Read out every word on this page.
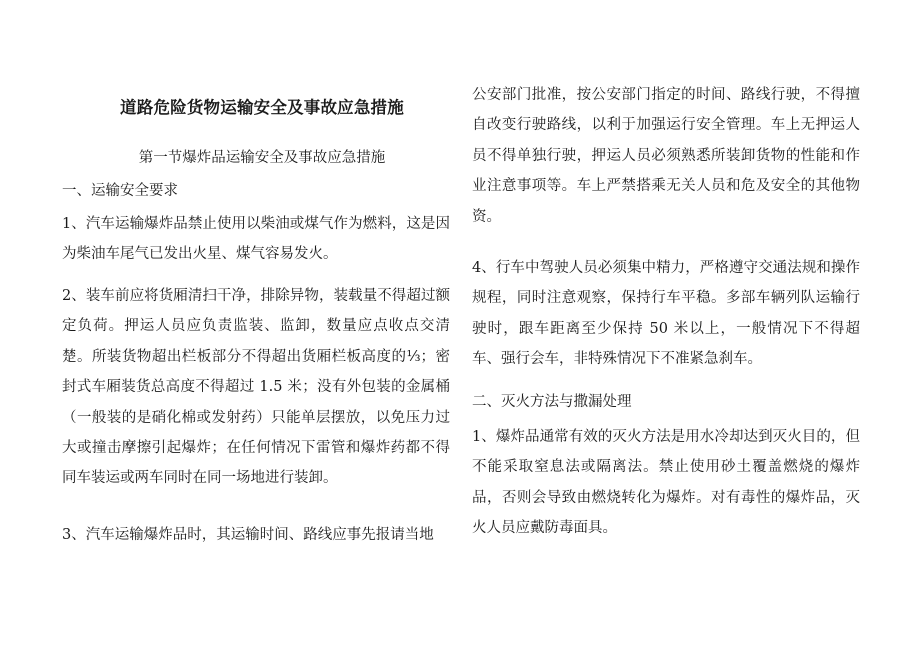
道路危险货物运输安全及事故应急措施
第一节爆炸品运输安全及事故应急措施
一、运输安全要求
1、汽车运输爆炸品禁止使用以柴油或煤气作为燃料，这是因为柴油车尾气已发出火星、煤气容易发火。
2、装车前应将货厢清扫干净，排除异物，装载量不得超过额定负荷。押运人员应负责监装、监卸，数量应点收点交清楚。所装货物超出栏板部分不得超出货厢栏板高度的⅓；密封式车厢装货总高度不得超过 1.5 米；没有外包装的金属桶（一般装的是硝化棉或发射药）只能单层摆放，以免压力过大或撞击摩擦引起爆炸；在任何情况下雷管和爆炸药都不得同车装运或两车同时在同一场地进行装卸。
3、汽车运输爆炸品时，其运输时间、路线应事先报请当地
公安部门批准，按公安部门指定的时间、路线行驶，不得擅自改变行驶路线，以利于加强运行安全管理。车上无押运人员不得单独行驶，押运人员必须熟悉所装卸货物的性能和作业注意事项等。车上严禁搭乘无关人员和危及安全的其他物资。
4、行车中驾驶人员必须集中精力，严格遵守交通法规和操作规程，同时注意观察，保持行车平稳。多部车辆列队运输行驶时，跟车距离至少保持 50 米以上，一般情况下不得超车、强行会车，非特殊情况下不准紧急刹车。
二、灭火方法与撒漏处理
1、爆炸品通常有效的灭火方法是用水冷却达到灭火目的，但不能采取窒息法或隔离法。禁止使用砂土覆盖燃烧的爆炸品，否则会导致由燃烧转化为爆炸。对有毒性的爆炸品，灭火人员应戴防毒面具。
